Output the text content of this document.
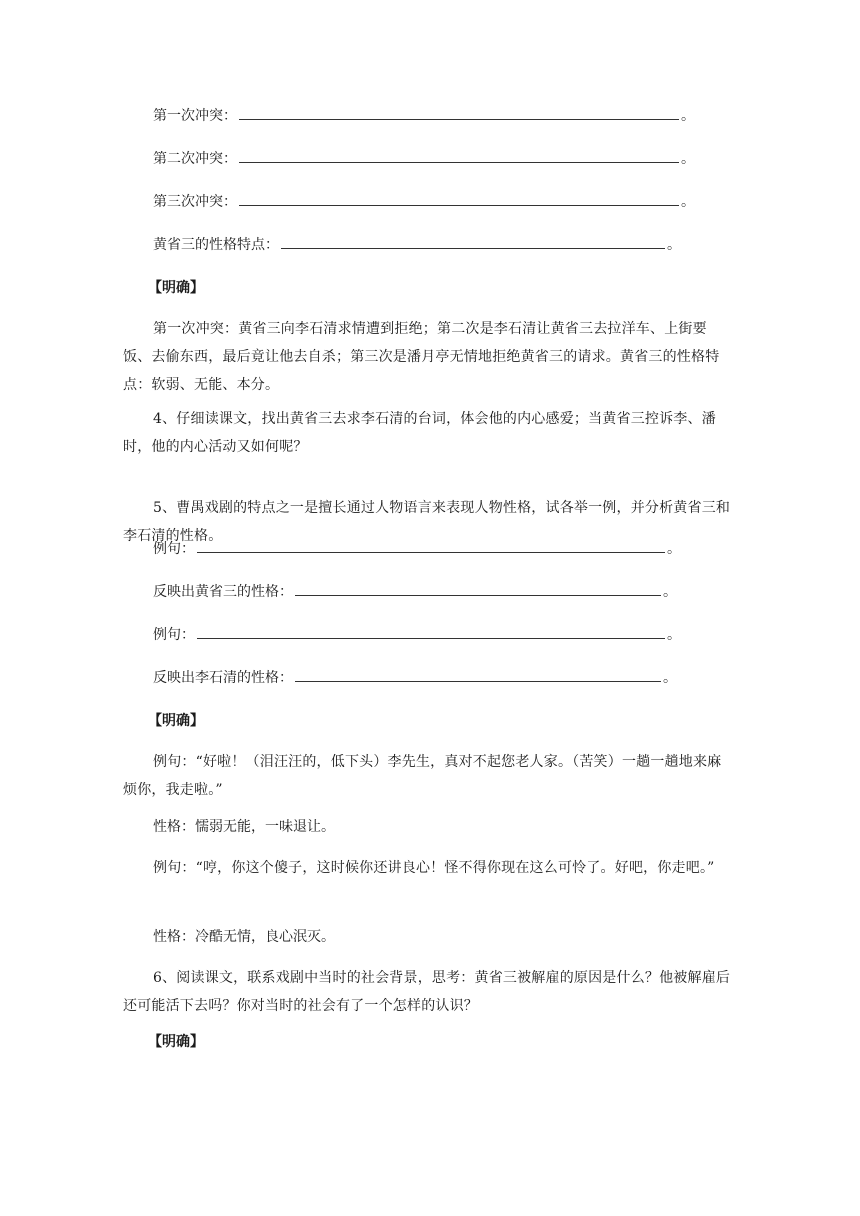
第一次冲突：	。

第二次冲突：	。

第三次冲突：	。

黄省三的性格特点：	。

【明确】

第一次冲突：黄省三向李石清求情遭到拒绝；第二次是李石清让黄省三去拉洋车、上街要饭、去偷东西，最后竟让他去自杀；第三次是潘月亭无情地拒绝黄省三的请求。黄省三的性格特点：软弱、无能、本分。

4、仔细读课文，找出黄省三去求李石清的台词，体会他的内心感爱；当黄省三控诉李、潘时，他的内心活动又如何呢？

5、曹禺戏剧的特点之一是擅长通过人物语言来表现人物性格，试各举一例，并分析黄省三和李石清的性格。

例句：	。

反映出黄省三的性格：	。

例句：	。

反映出李石清的性格：	。

【明确】

例句：“好啦！（泪汪汪的，低下头）李先生，真对不起您老人家。（苦笑）一趟一趟地来麻烦你，我走啦。”

性格：懦弱无能，一味退让。

例句：“哼，你这个傻子，这时候你还讲良心！怪不得你现在这么可怜了。好吧，你走吧。”

性格：冷酷无情，良心泯灭。

6、阅读课文，联系戏剧中当时的社会背景，思考：黄省三被解雇的原因是什么？他被解雇后还可能活下去吗？你对当时的社会有了一个怎样的认识？

【明确】
